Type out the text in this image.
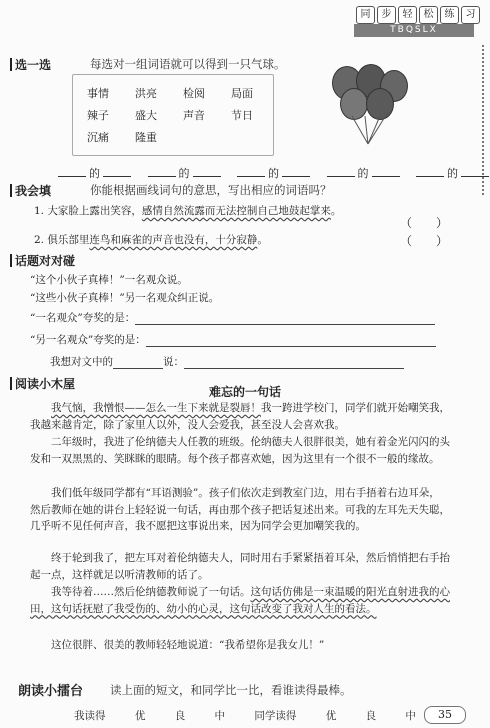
同	步	轻	松	练	习
TBQSLX
选一选	每选对一组词语就可以得到一只气球。
事情 洪亮 检阅 局面
辣子 盛大 声音 节日
沉痛 隆重
的	的	的	的	的
我会填	你能根据画线词句的意思，写出相应的词语吗？
1. 大家脸上露出笑容，感情自然流露而无法控制自己地鼓起掌来。
（　　）
2. 俱乐部里连鸟和麻雀的声音也没有，十分寂静。	（　　）
话题对对碰
“这个小伙子真棒！”一名观众说。
“这些小伙子真棒！”另一名观众纠正说。
“一名观众”夸奖的是：
“另一名观众”夸奖的是：
我想对文中的	说：
阅读小木屋
难忘的一句话

我气恼，我憎恨——怎么一生下来就是裂唇！我一跨进学校门，同学们就开始嘲笑我，我越来越肯定，除了家里人以外，没人会爱我，甚至没人会喜欢我。

二年级时，我进了伦纳德夫人任教的班级。伦纳德夫人很胖很美，她有着金光闪闪的头发和一双黑黑的、笑眯眯的眼睛。每个孩子都喜欢她，因为这里有一个很不一般的缘故。

我们低年级同学都有“耳语测验”。孩子们依次走到教室门边，用右手捂着右边耳朵，然后教师在她的讲台上轻轻说一句话，再由那个孩子把话复述出来。可我的左耳先天失聪，几乎听不见任何声音，我不愿把这事说出来，因为同学会更加嘲笑我的。

终于轮到我了，把左耳对着伦纳德夫人，同时用右手紧紧捂着耳朵，然后悄悄把右手抬起一点，这样就足以听清教师的话了。

我等待着……然后伦纳德教师说了一句话。这句话仿佛是一束温暖的阳光直射进我的心田，这句话抚慰了我受伤的、幼小的心灵，这句话改变了我对人生的看法。

这位很胖、很美的教师轻轻地说道：“我希望你是我女儿！”

朗读小擂台 读上面的短文，和同学比一比，看谁读得最棒。
我读得	优	良	中	同学读得	优	良	中	35
